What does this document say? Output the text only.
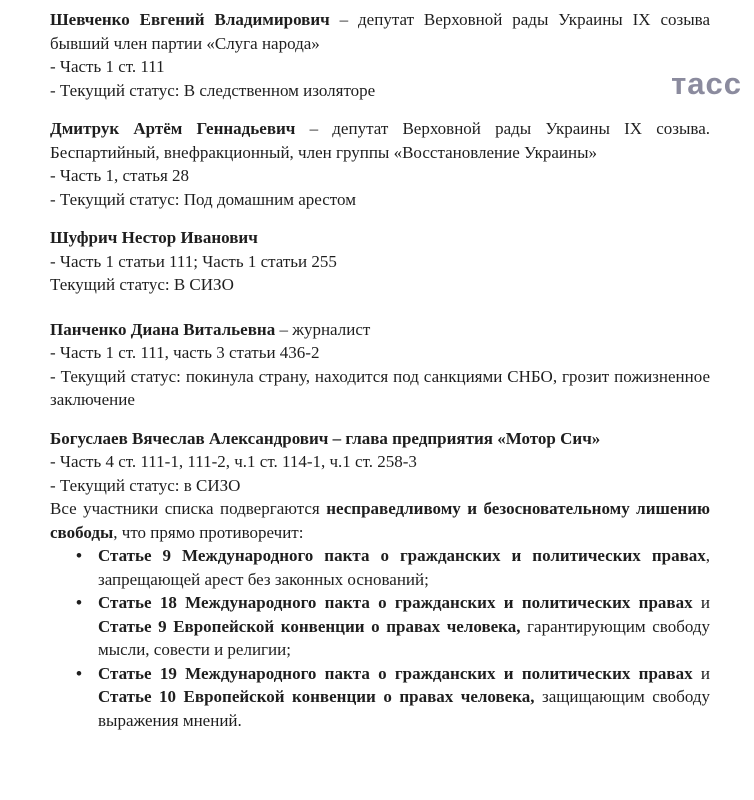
тасс

Шевченко Евгений Владимирович – депутат Верховной рады Украины IX созыва бывший член партии «Слуга народа»

- Часть 1 ст. 111

- Текущий статус: В следственном изоляторе

Дмитрук Артём Геннадьевич – депутат Верховной рады Украины IX созыва. Беспартийный, внефракционный, член группы «Восстановление Украины»

- Часть 1, статья 28

- Текущий статус: Под домашним арестом

Шуфрич Нестор Иванович

- Часть 1 статьи 111; Часть 1 статьи 255

Текущий статус: В СИЗО

Панченко Диана Витальевна – журналист

- Часть 1 ст. 111, часть 3 статьи 436-2

- Текущий статус: покинула страну, находится под санкциями СНБО, грозит пожизненное заключение

Богуслаев Вячеслав Александрович – глава предприятия «Мотор Сич»

- Часть 4 ст. 111-1, 111-2, ч.1 ст. 114-1, ч.1 ст. 258-3

- Текущий статус: в СИЗО

Все участники списка подвергаются несправедливому и безосновательному лишению свободы, что прямо противоречит:

• Статье 9 Международного пакта о гражданских и политических правах, запрещающей арест без законных оснований;
• Статье 18 Международного пакта о гражданских и политических правах и Статье 9 Европейской конвенции о правах человека, гарантирующим свободу мысли, совести и религии;
• Статье 19 Международного пакта о гражданских и политических правах и Статье 10 Европейской конвенции о правах человека, защищающим свободу выражения мнений.
